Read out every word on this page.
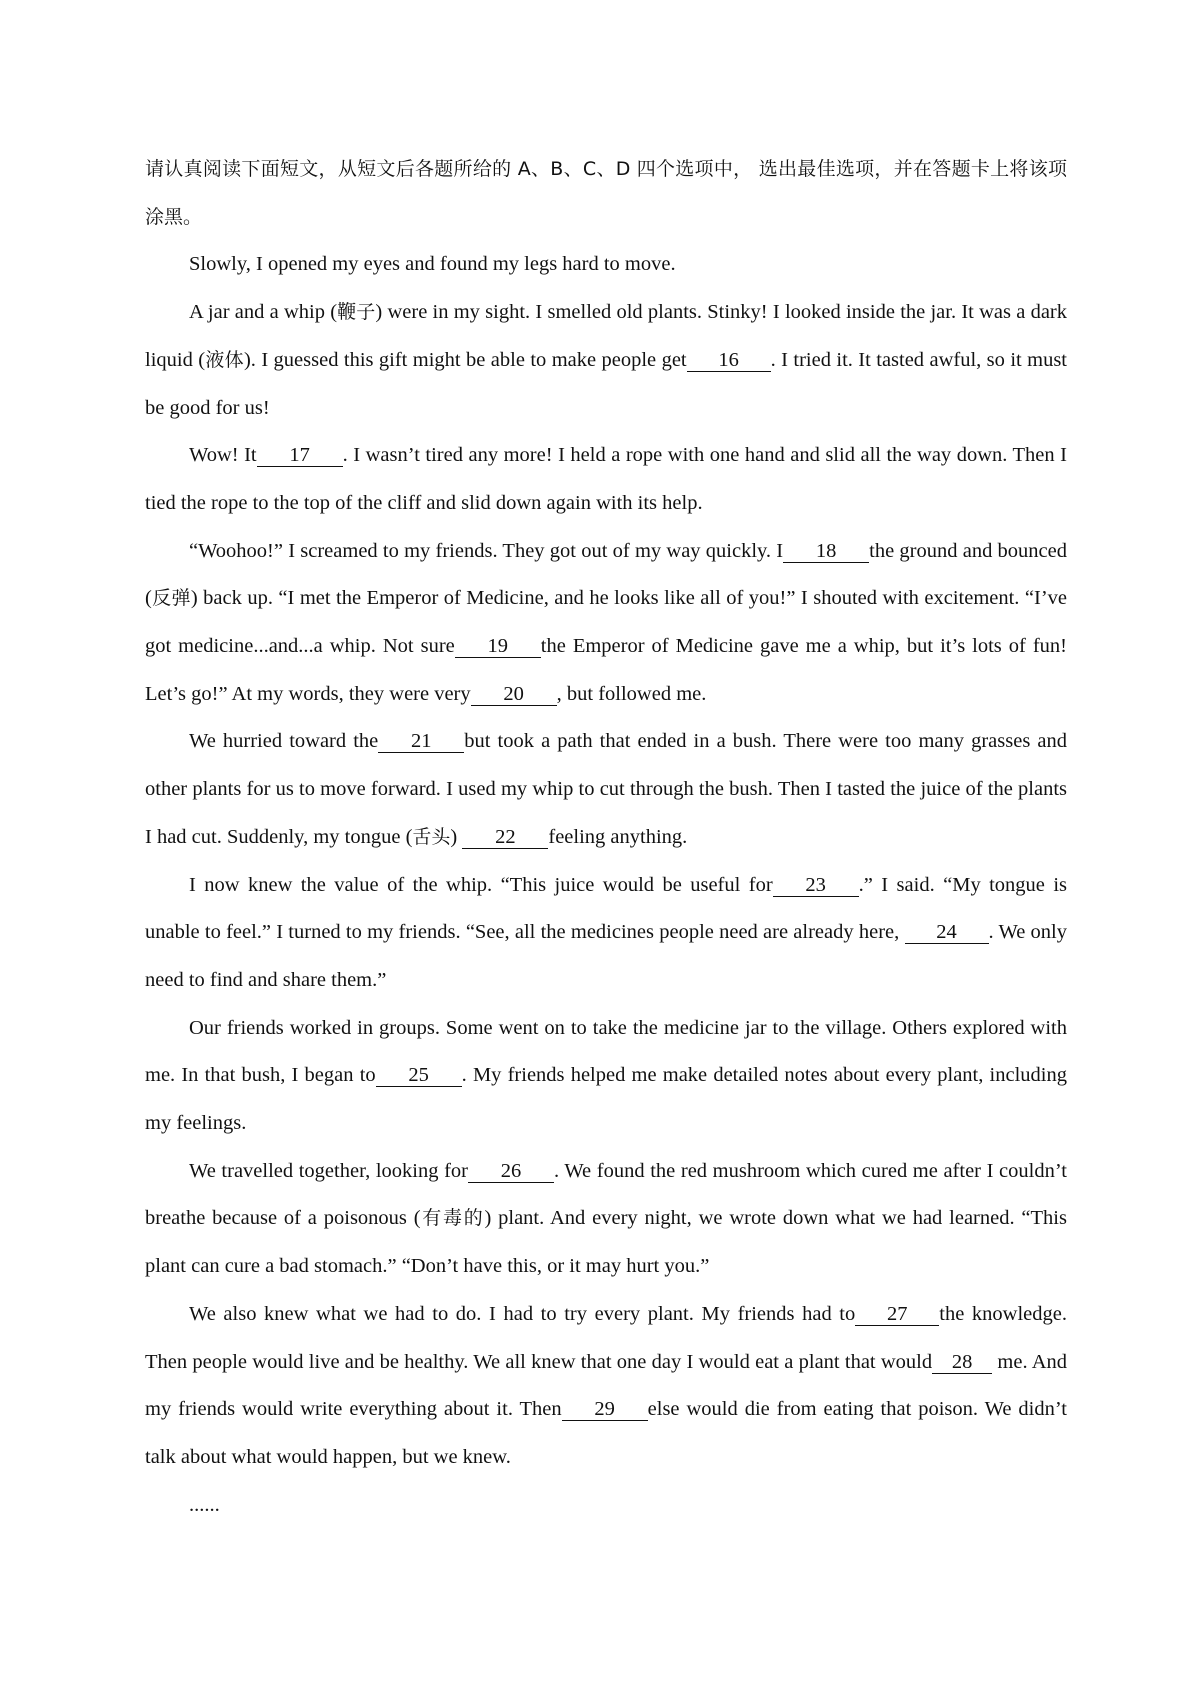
请认真阅读下面短文，从短文后各题所给的 A、B、C、D 四个选项中， 选出最佳选项，并在答题卡上将该项涂黑。

Slowly, I opened my eyes and found my legs hard to move.

A jar and a whip (鞭子) were in my sight. I smelled old plants. Stinky! I looked inside the jar. It was a dark liquid (液体). I guessed this gift might be able to make people get 16 . I tried it. It tasted awful, so it must be good for us!

Wow! It 17 . I wasn’t tired any more! I held a rope with one hand and slid all the way down. Then I tied the rope to the top of the cliff and slid down again with its help.

“Woohoo!” I screamed to my friends. They got out of my way quickly. I 18 the ground and bounced (反弹) back up. “I met the Emperor of Medicine, and he looks like all of you!” I shouted with excitement. “I’ve got medicine...and...a whip. Not sure 19 the Emperor of Medicine gave me a whip, but it’s lots of fun! Let’s go!” At my words, they were very 20 , but followed me.

We hurried toward the 21 but took a path that ended in a bush. There were too many grasses and other plants for us to move forward. I used my whip to cut through the bush. Then I tasted the juice of the plants I had cut. Suddenly, my tongue (舌头) 22 feeling anything.

I now knew the value of the whip. “This juice would be useful for 23 .” I said. “My tongue is unable to feel.” I turned to my friends. “See, all the medicines people need are already here, 24 . We only need to find and share them.”

Our friends worked in groups. Some went on to take the medicine jar to the village. Others explored with me. In that bush, I began to 25 . My friends helped me make detailed notes about every plant, including my feelings.

We travelled together, looking for 26 . We found the red mushroom which cured me after I couldn’t breathe because of a poisonous (有毒的) plant. And every night, we wrote down what we had learned. “This plant can cure a bad stomach.” “Don’t have this, or it may hurt you.”

We also knew what we had to do. I had to try every plant. My friends had to 27 the knowledge. Then people would live and be healthy. We all knew that one day I would eat a plant that would 28 me. And my friends would write everything about it. Then 29 else would die from eating that poison. We didn’t talk about what would happen, but we knew.

......
